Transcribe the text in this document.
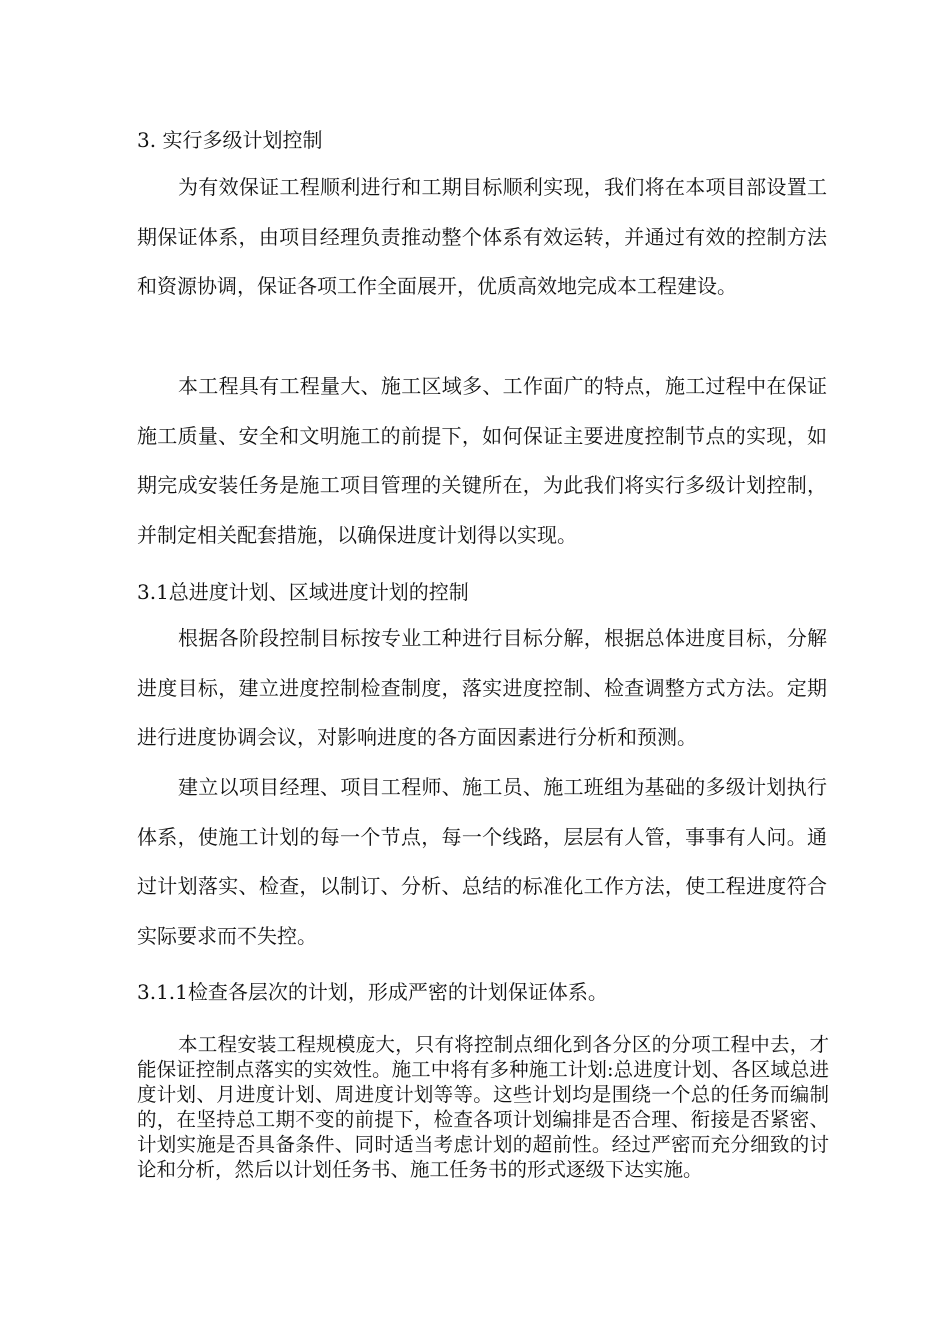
3. 实行多级计划控制

为有效保证工程顺利进行和工期目标顺利实现，我们将在本项目部设置工期保证体系，由项目经理负责推动整个体系有效运转，并通过有效的控制方法和资源协调，保证各项工作全面展开，优质高效地完成本工程建设。

本工程具有工程量大、施工区域多、工作面广的特点，施工过程中在保证施工质量、安全和文明施工的前提下，如何保证主要进度控制节点的实现，如期完成安装任务是施工项目管理的关键所在，为此我们将实行多级计划控制，并制定相关配套措施，以确保进度计划得以实现。

3.1总进度计划、区域进度计划的控制

根据各阶段控制目标按专业工种进行目标分解，根据总体进度目标，分解进度目标，建立进度控制检查制度，落实进度控制、检查调整方式方法。定期进行进度协调会议，对影响进度的各方面因素进行分析和预测。

建立以项目经理、项目工程师、施工员、施工班组为基础的多级计划执行体系，使施工计划的每一个节点，每一个线路，层层有人管，事事有人问。通过计划落实、检查，以制订、分析、总结的标准化工作方法，使工程进度符合实际要求而不失控。

3.1.1检查各层次的计划，形成严密的计划保证体系。

本工程安装工程规模庞大，只有将控制点细化到各分区的分项工程中去，才能保证控制点落实的实效性。施工中将有多种施工计划:总进度计划、各区域总进度计划、月进度计划、周进度计划等等。这些计划均是围绕一个总的任务而编制的，在坚持总工期不变的前提下，检查各项计划编排是否合理、衔接是否紧密、计划实施是否具备条件、同时适当考虑计划的超前性。经过严密而充分细致的讨论和分析，然后以计划任务书、施工任务书的形式逐级下达实施。
